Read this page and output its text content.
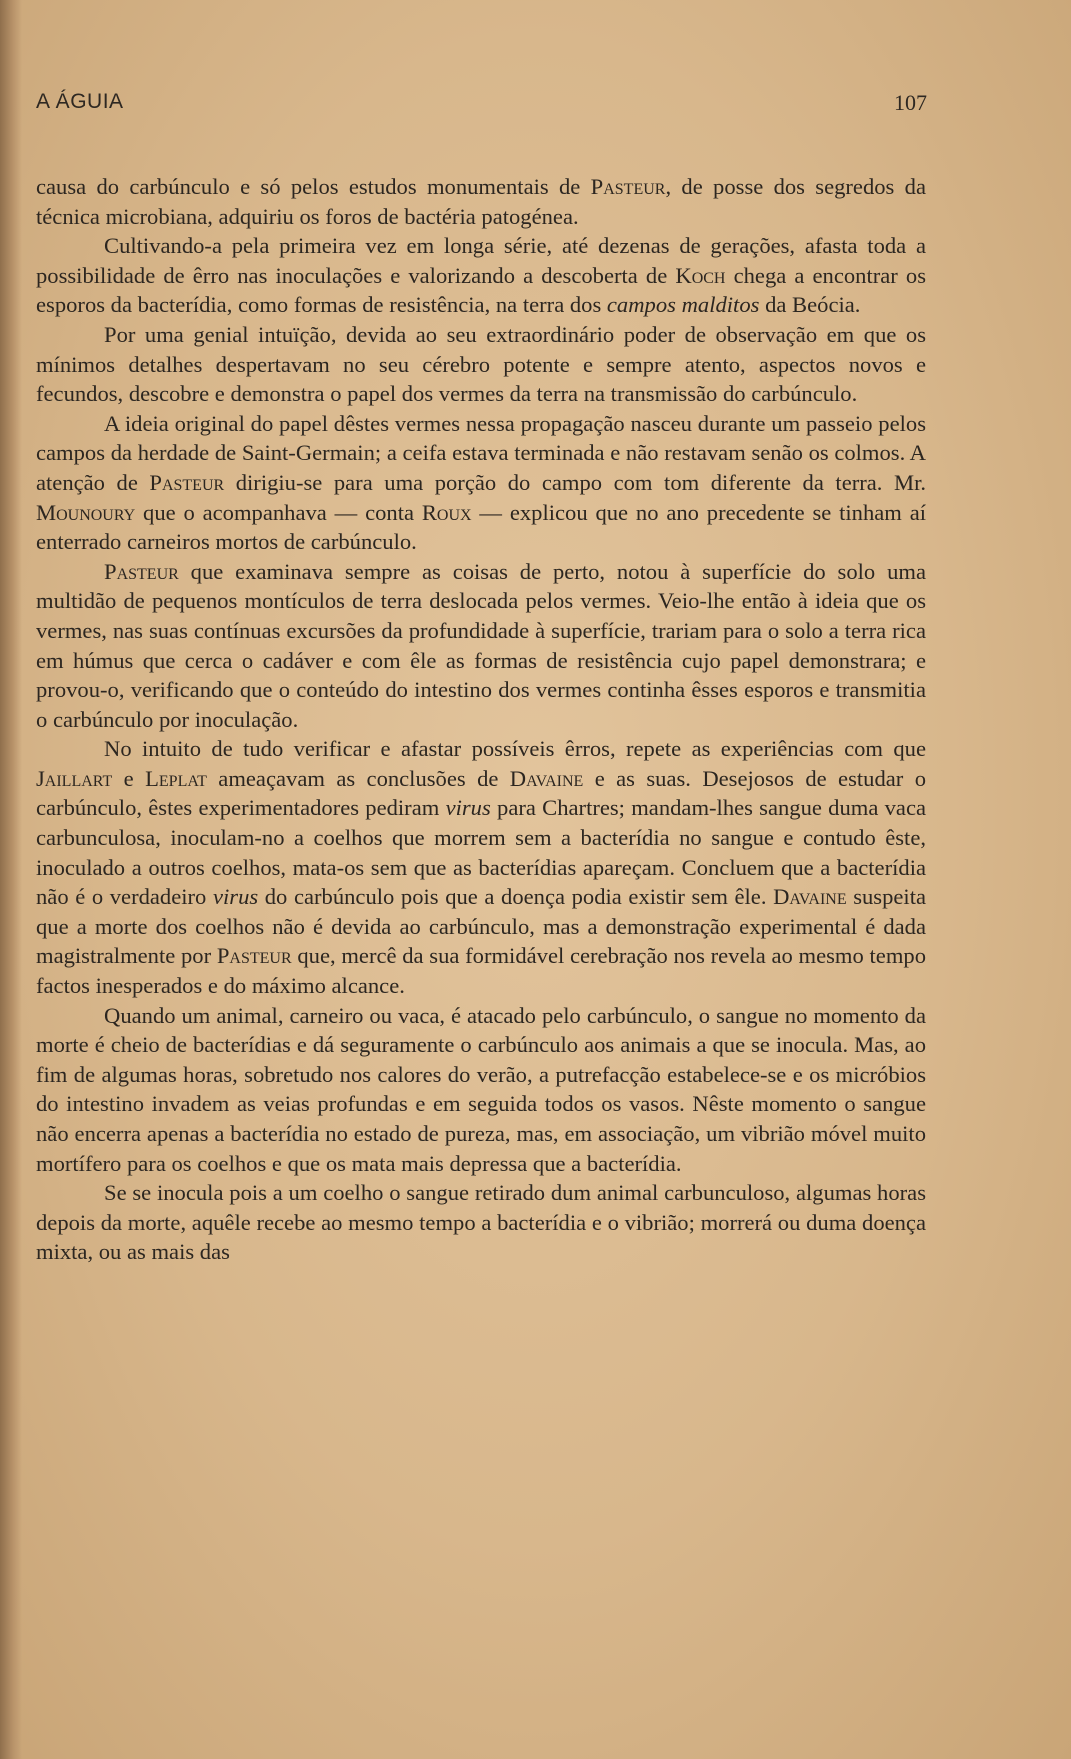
A ÁGUIA	107

causa do carbúnculo e só pelos estudos monumentais de Pasteur, de posse dos segredos da técnica microbiana, adquiriu os foros de bactéria patogénea.

Cultivando-a pela primeira vez em longa série, até dezenas de gerações, afasta toda a possibilidade de êrro nas inoculações e valorizando a descoberta de Koch chega a encontrar os esporos da bacterídia, como formas de resistência, na terra dos campos malditos da Beócia.

Por uma genial intuïção, devida ao seu extraordinário poder de observação em que os mínimos detalhes despertavam no seu cérebro potente e sempre atento, aspectos novos e fecundos, descobre e demonstra o papel dos vermes da terra na transmissão do carbúnculo.

A ideia original do papel dêstes vermes nessa propagação nasceu durante um passeio pelos campos da herdade de Saint-Germain; a ceifa estava terminada e não restavam senão os colmos. A atenção de Pasteur dirigiu-se para uma porção do campo com tom diferente da terra. Mr. Mounoury que o acompanhava — conta Roux — explicou que no ano precedente se tinham aí enterrado carneiros mortos de carbúnculo.

Pasteur que examinava sempre as coisas de perto, notou à superfície do solo uma multidão de pequenos montículos de terra deslocada pelos vermes. Veio-lhe então à ideia que os vermes, nas suas contínuas excursões da profundidade à superfície, trariam para o solo a terra rica em húmus que cerca o cadáver e com êle as formas de resistência cujo papel demonstrara; e provou-o, verificando que o conteúdo do intestino dos vermes continha êsses esporos e transmitia o carbúnculo por inoculação.

No intuito de tudo verificar e afastar possíveis êrros, repete as experiências com que Jaillart e Leplat ameaçavam as conclusões de Davaine e as suas. Desejosos de estudar o carbúnculo, êstes experimentadores pediram virus para Chartres; mandam-lhes sangue duma vaca carbunculosa, inoculam-no a coelhos que morrem sem a bacterídia no sangue e contudo êste, inoculado a outros coelhos, mata-os sem que as bacterídias apareçam. Concluem que a bacterídia não é o verdadeiro virus do carbúnculo pois que a doença podia existir sem êle. Davaine suspeita que a morte dos coelhos não é devida ao carbúnculo, mas a demonstração experimental é dada magistralmente por Pasteur que, mercê da sua formidável cerebração nos revela ao mesmo tempo factos inesperados e do máximo alcance.

Quando um animal, carneiro ou vaca, é atacado pelo carbúnculo, o sangue no momento da morte é cheio de bacterídias e dá seguramente o carbúnculo aos animais a que se inocula. Mas, ao fim de algumas horas, sobretudo nos calores do verão, a putrefacção estabelece-se e os micróbios do intestino invadem as veias profundas e em seguida todos os vasos. Nêste momento o sangue não encerra apenas a bacterídia no estado de pureza, mas, em associação, um vibrião móvel muito mortífero para os coelhos e que os mata mais depressa que a bacterídia.

Se se inocula pois a um coelho o sangue retirado dum animal carbunculoso, algumas horas depois da morte, aquêle recebe ao mesmo tempo a bacterídia e o vibrião; morrerá ou duma doença mixta, ou as mais das
